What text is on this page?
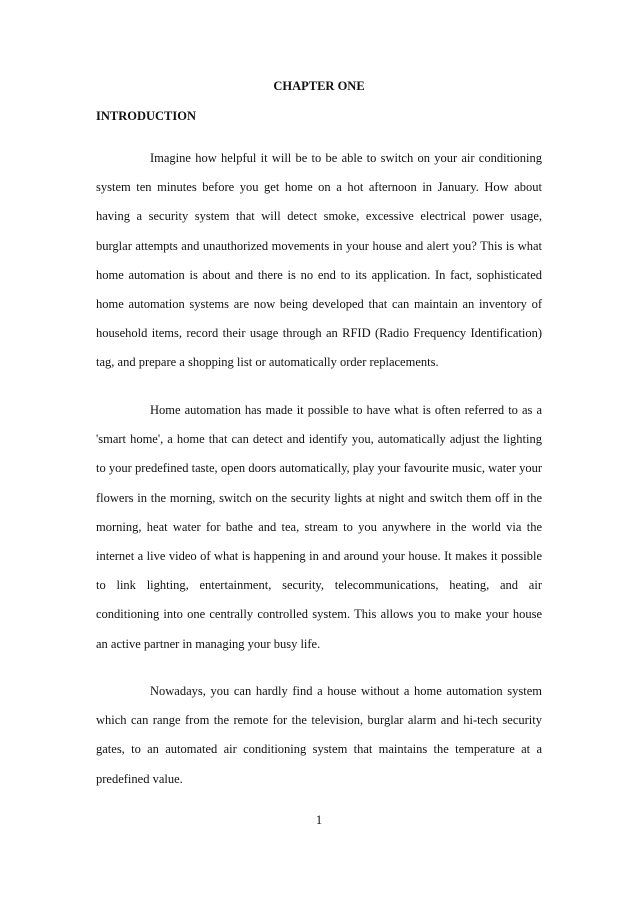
CHAPTER ONE
INTRODUCTION

Imagine how helpful it will be to be able to switch on your air conditioning system ten minutes before you get home on a hot afternoon in January. How about having a security system that will detect smoke, excessive electrical power usage, burglar attempts and unauthorized movements in your house and alert you? This is what home automation is about and there is no end to its application. In fact, sophisticated home automation systems are now being developed that can maintain an inventory of household items, record their usage through an RFID (Radio Frequency Identification) tag, and prepare a shopping list or automatically order replacements.

Home automation has made it possible to have what is often referred to as a 'smart home', a home that can detect and identify you, automatically adjust the lighting to your predefined taste, open doors automatically, play your favourite music, water your flowers in the morning, switch on the security lights at night and switch them off in the morning, heat water for bathe and tea, stream to you anywhere in the world via the internet a live video of what is happening in and around your house. It makes it possible to link lighting, entertainment, security, telecommunications, heating, and air conditioning into one centrally controlled system. This allows you to make your house an active partner in managing your busy life.

Nowadays, you can hardly find a house without a home automation system which can range from the remote for the television, burglar alarm and hi-tech security gates, to an automated air conditioning system that maintains the temperature at a predefined value.

1
